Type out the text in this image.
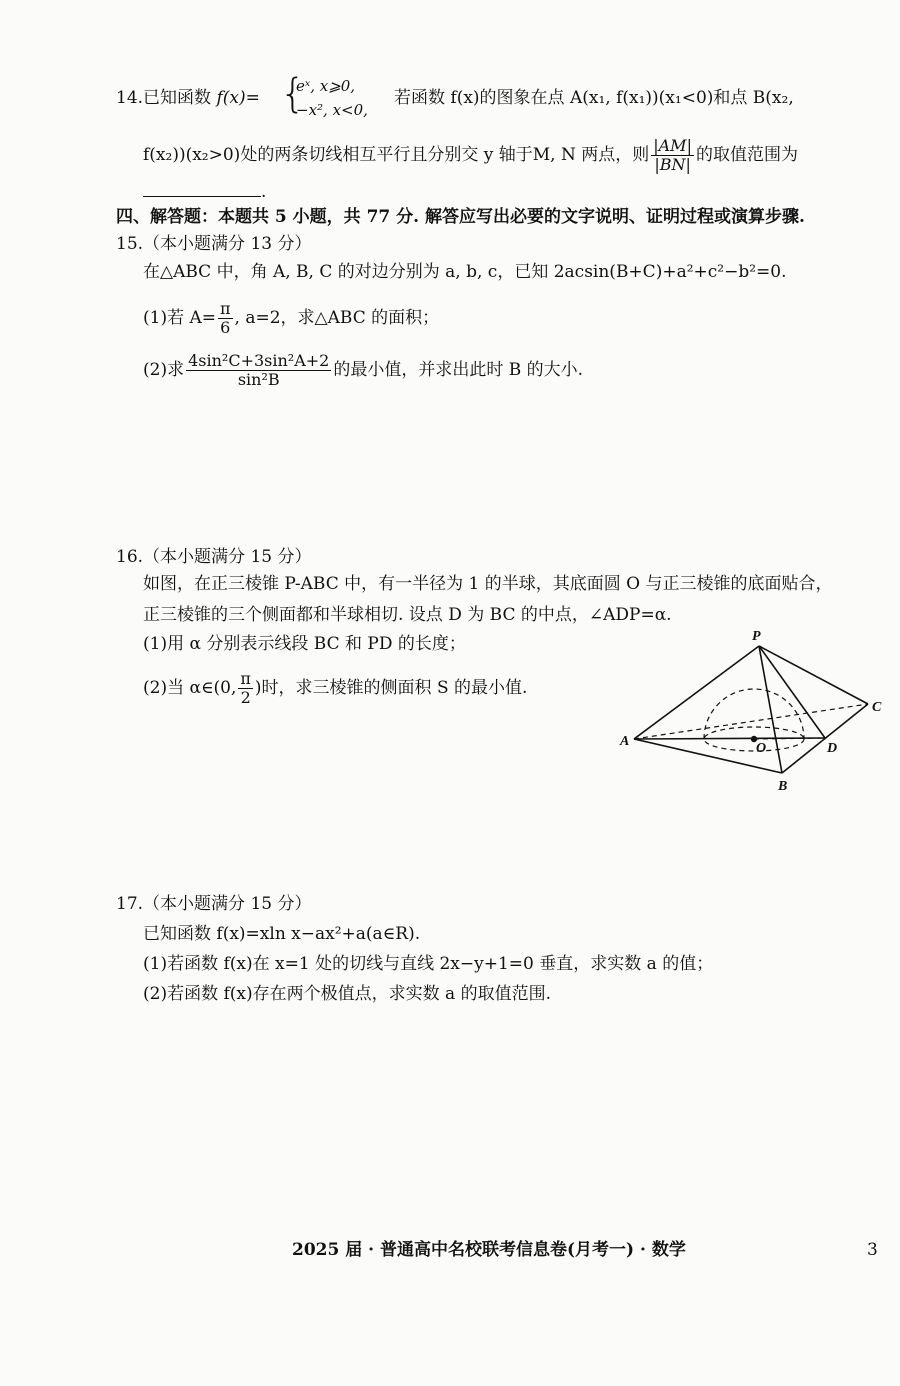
14.已知函数 f(x)= {
eˣ, x⩾0,
−x², x<0,
若函数 f(x)的图象在点 A(x₁, f(x₁))(x₁<0)和点 B(x₂,
f(x₂))(x₂>0)处的两条切线相互平行且分别交 y 轴于M, N 两点，则 $\frac{|AM|}{|BN|}$ 的取值范围为
.
四、解答题：本题共 5 小题，共 77 分. 解答应写出必要的文字说明、证明过程或演算步骤.
15.（本小题满分 13 分）
在△ABC 中，角 A, B, C 的对边分别为 a, b, c，已知 2acsin(B+C)+a²+c²−b²=0.
(1)若 $A= \frac{\pi}{6}$ , a=2，求△ABC 的面积；
(2)求 $\frac{\text{4sin²C+3sin²A+2}}{\text{sin²B}}$ 的最小值，并求出此时 B 的大小.
16.（本小题满分 15 分）
如图，在正三棱锥 P-ABC 中，有一半径为 1 的半球，其底面圆 O 与正三棱锥的底面贴合，
正三棱锥的三个侧面都和半球相切. 设点 D 为 BC 的中点，∠ADP=α.
(1)用 α 分别表示线段 BC 和 PD 的长度；
(2)当 α∈(0, $\frac{\pi}{2}$ )时，求三棱锥的侧面积 S 的最小值.
P
A
B
C
D
O
17.（本小题满分 15 分）
已知函数 f(x)=xln x−ax²+a(a∈R).
(1)若函数 f(x)在 x=1 处的切线与直线 2x−y+1=0 垂直，求实数 a 的值；
(2)若函数 f(x)存在两个极值点，求实数 a 的取值范围.
2025 届 · 普通高中名校联考信息卷(月考一) · 数学	3
